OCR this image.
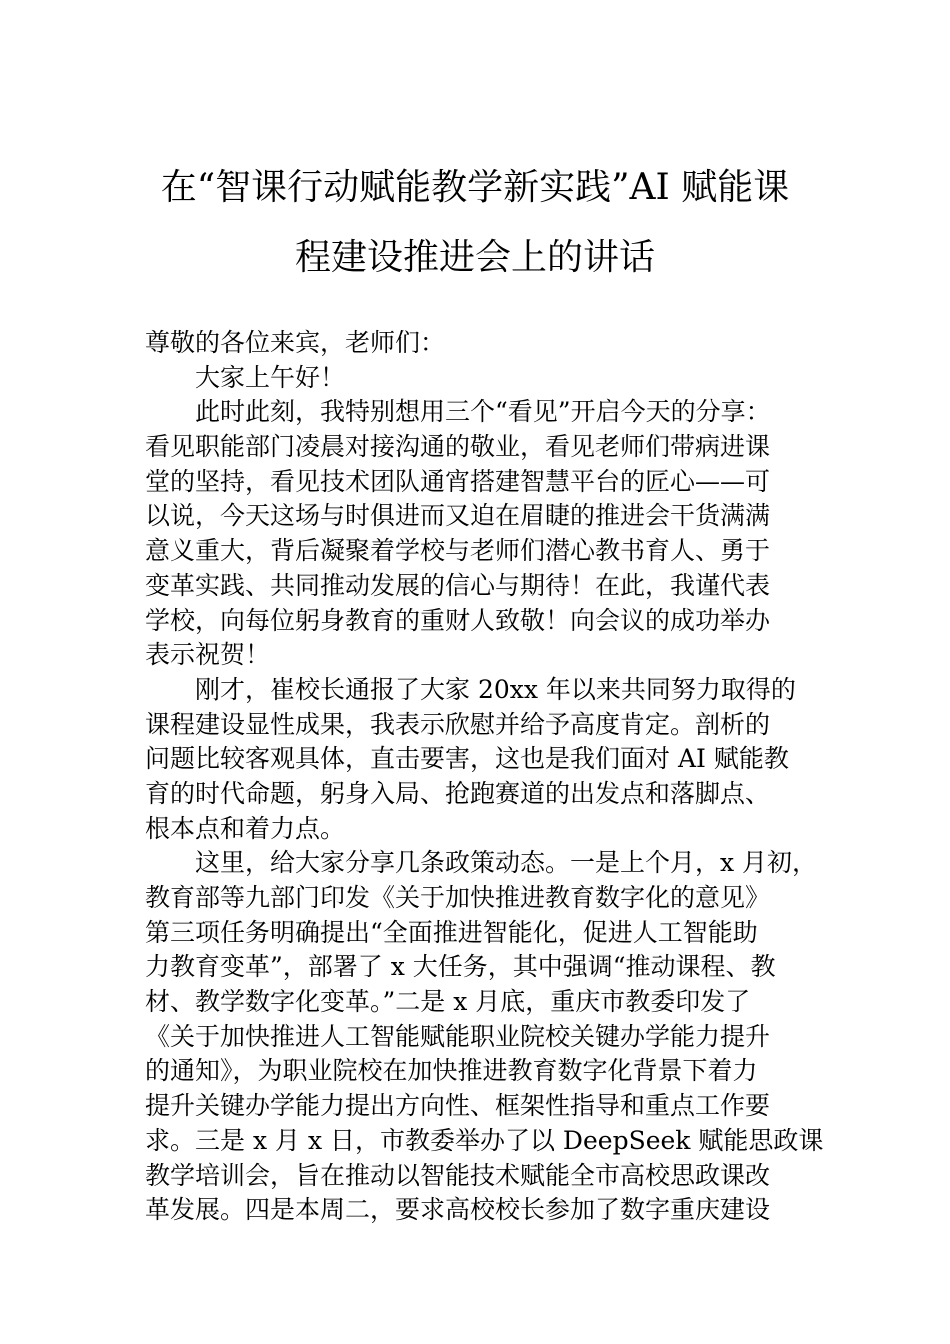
在“智课行动赋能教学新实践”AI 赋能课
程建设推进会上的讲话
尊敬的各位来宾，老师们：
大家上午好！
此时此刻，我特别想用三个“看见”开启今天的分享：
看见职能部门凌晨对接沟通的敬业，看见老师们带病进课
堂的坚持，看见技术团队通宵搭建智慧平台的匠心——可
以说，今天这场与时俱进而又迫在眉睫的推进会干货满满
意义重大，背后凝聚着学校与老师们潜心教书育人、勇于
变革实践、共同推动发展的信心与期待！在此，我谨代表
学校，向每位躬身教育的重财人致敬！向会议的成功举办
表示祝贺！
刚才，崔校长通报了大家 20xx 年以来共同努力取得的
课程建设显性成果，我表示欣慰并给予高度肯定。剖析的
问题比较客观具体，直击要害，这也是我们面对 AI 赋能教
育的时代命题，躬身入局、抢跑赛道的出发点和落脚点、
根本点和着力点。
这里，给大家分享几条政策动态。一是上个月，x 月初，
教育部等九部门印发《关于加快推进教育数字化的意见》
第三项任务明确提出“全面推进智能化，促进人工智能助
力教育变革”，部署了 x 大任务，其中强调“推动课程、教
材、教学数字化变革。”二是 x 月底，重庆市教委印发了
《关于加快推进人工智能赋能职业院校关键办学能力提升
的通知》，为职业院校在加快推进教育数字化背景下着力
提升关键办学能力提出方向性、框架性指导和重点工作要
求。三是 x 月 x 日，市教委举办了以 DeepSeek 赋能思政课
教学培训会，旨在推动以智能技术赋能全市高校思政课改
革发展。四是本周二，要求高校校长参加了数字重庆建设
